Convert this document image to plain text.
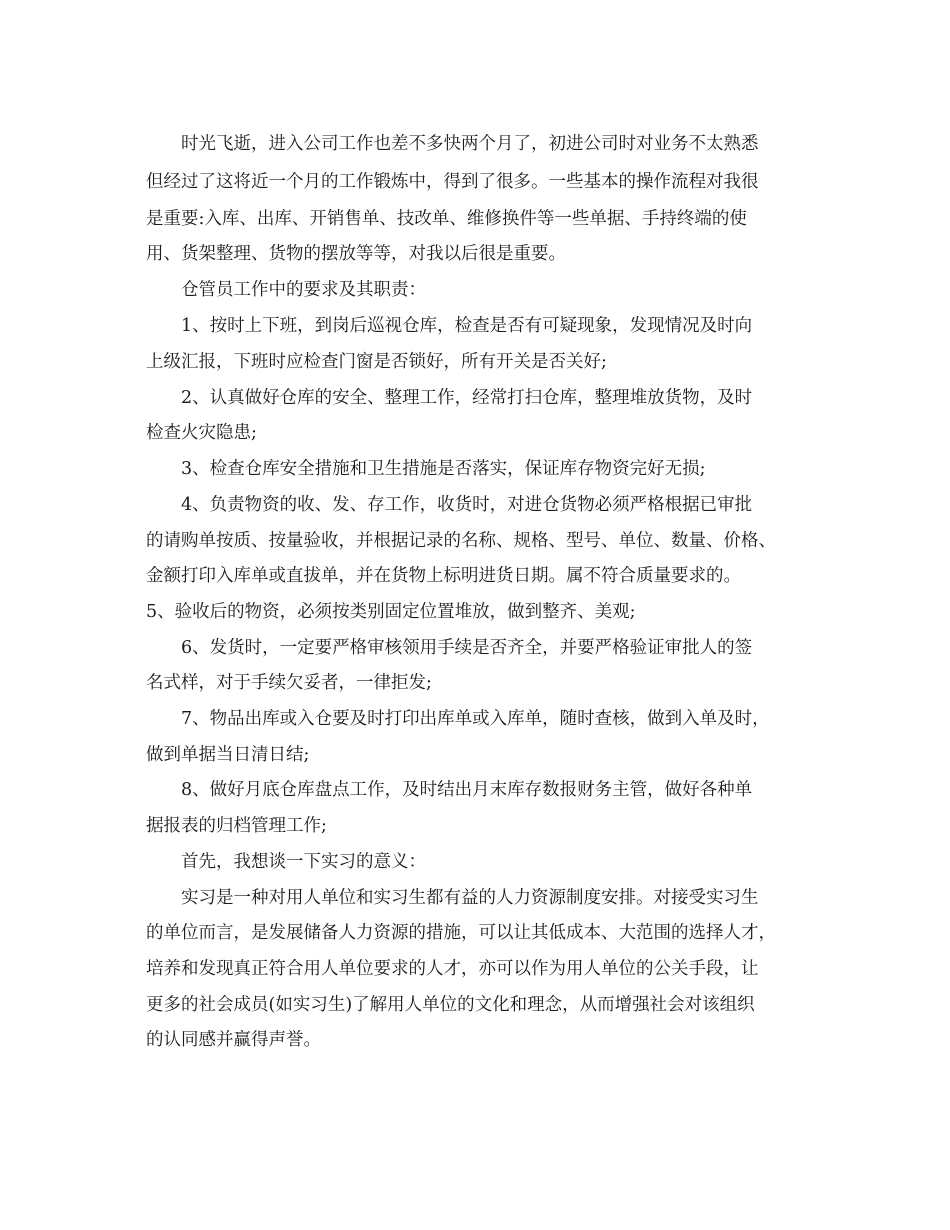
时光飞逝，进入公司工作也差不多快两个月了，初进公司时对业务不太熟悉

但经过了这将近一个月的工作锻炼中，得到了很多。一些基本的操作流程对我很

是重要:入库、出库、开销售单、技改单、维修换件等一些单据、手持终端的使

用、货架整理、货物的摆放等等，对我以后很是重要。

仓管员工作中的要求及其职责：

1、按时上下班，到岗后巡视仓库，检查是否有可疑现象，发现情况及时向

上级汇报，下班时应检查门窗是否锁好，所有开关是否关好;

2、认真做好仓库的安全、整理工作，经常打扫仓库，整理堆放货物，及时

检查火灾隐患;

3、检查仓库安全措施和卫生措施是否落实，保证库存物资完好无损;

4、负责物资的收、发、存工作，收货时，对进仓货物必须严格根据已审批

的请购单按质、按量验收，并根据记录的名称、规格、型号、单位、数量、价格、

金额打印入库单或直拔单，并在货物上标明进货日期。属不符合质量要求的。

5、验收后的物资，必须按类别固定位置堆放，做到整齐、美观;

6、发货时，一定要严格审核领用手续是否齐全，并要严格验证审批人的签

名式样，对于手续欠妥者，一律拒发;

7、物品出库或入仓要及时打印出库单或入库单，随时查核，做到入单及时，

做到单据当日清日结;

8、做好月底仓库盘点工作，及时结出月末库存数报财务主管，做好各种单

据报表的归档管理工作;

首先，我想谈一下实习的意义：

实习是一种对用人单位和实习生都有益的人力资源制度安排。对接受实习生

的单位而言，是发展储备人力资源的措施，可以让其低成本、大范围的选择人才，

培养和发现真正符合用人单位要求的人才，亦可以作为用人单位的公关手段，让

更多的社会成员(如实习生)了解用人单位的文化和理念，从而增强社会对该组织

的认同感并赢得声誉。
